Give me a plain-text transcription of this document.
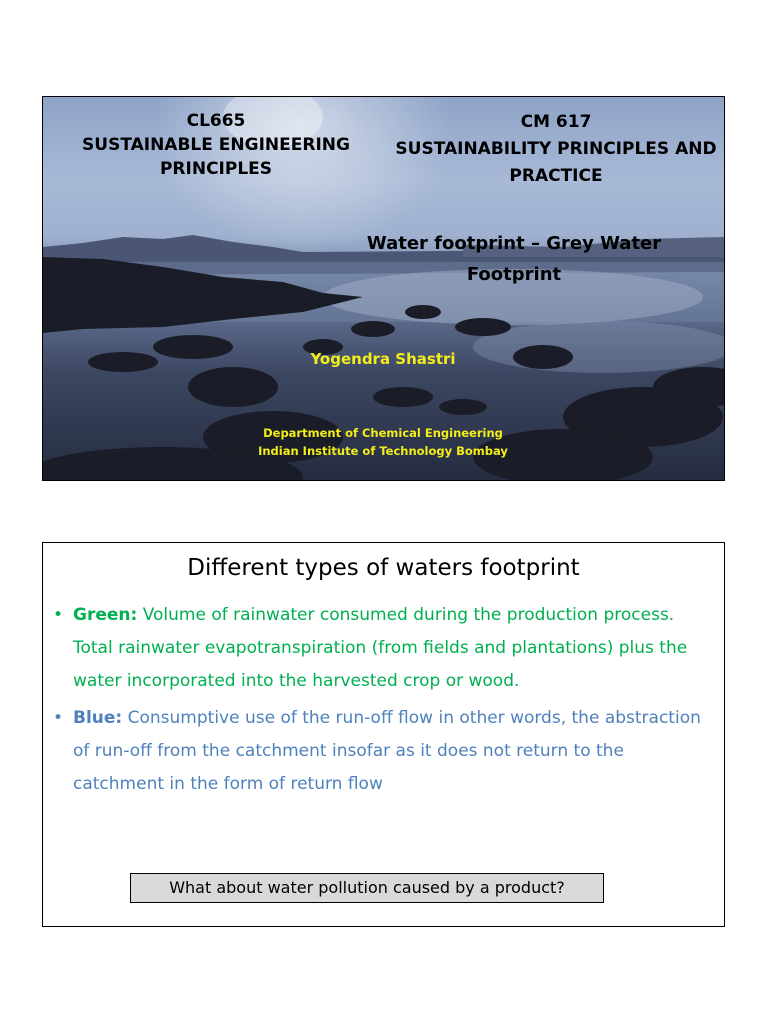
CL665
SUSTAINABLE ENGINEERING
PRINCIPLES
CM 617
SUSTAINABILITY PRINCIPLES AND
PRACTICE
Water footprint – Grey Water
Footprint
Yogendra Shastri
Department of Chemical Engineering
Indian Institute of Technology Bombay
Different types of waters footprint
• Green: Volume of rainwater consumed during the production process. Total rainwater evapotranspiration (from fields and plantations) plus the water incorporated into the harvested crop or wood.
• Blue: Consumptive use of the run-off flow in other words, the abstraction of run-off from the catchment insofar as it does not return to the catchment in the form of return flow
What about water pollution caused by a product?
